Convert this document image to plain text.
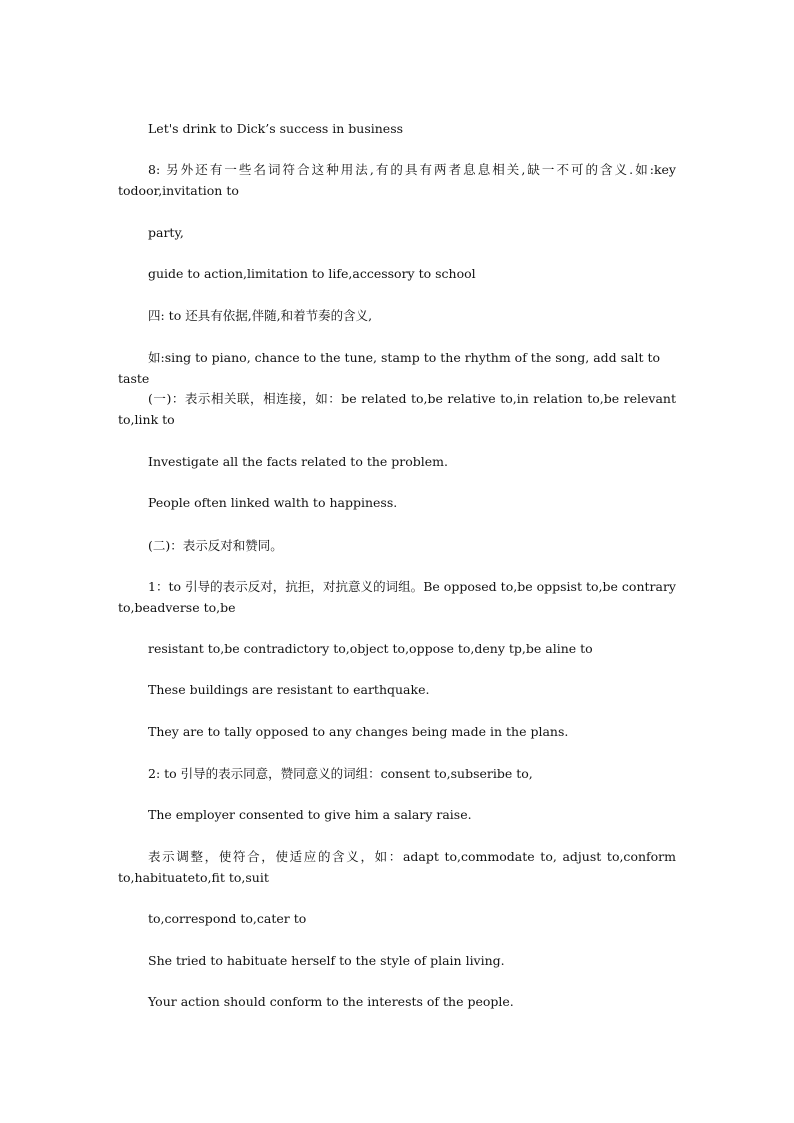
Let's drink to Dick’s success in business

8: 另外还有一些名词符合这种用法,有的具有两者息息相关,缺一不可的含义.如:key todoor,invitation to

party,

guide to action,limitation to life,accessory to school

四: to 还具有依据,伴随,和着节奏的含义,

如:sing to piano, chance to the tune, stamp to the rhythm of the song, add salt to taste

(一)：表示相关联，相连接，如：be related to,be relative to,in relation to,be relevant to,link to

Investigate all the facts related to the problem.

People often linked walth to happiness.

(二)：表示反对和赞同。

1：to 引导的表示反对，抗拒，对抗意义的词组。Be opposed to,be oppsist to,be contrary to,beadverse to,be

resistant to,be contradictory to,object to,oppose to,deny tp,be aline to

These buildings are resistant to earthquake.

They are to tally opposed to any changes being made in the plans.

2: to 引导的表示同意，赞同意义的词组：consent to,subseribe to,

The employer consented to give him a salary raise.

表示调整，使符合，使适应的含义，如：adapt to,commodate to, adjust to,conform to,habituateto,fit to,suit

to,correspond to,cater to

She tried to habituate herself to the style of plain living.

Your action should conform to the interests of the people.
